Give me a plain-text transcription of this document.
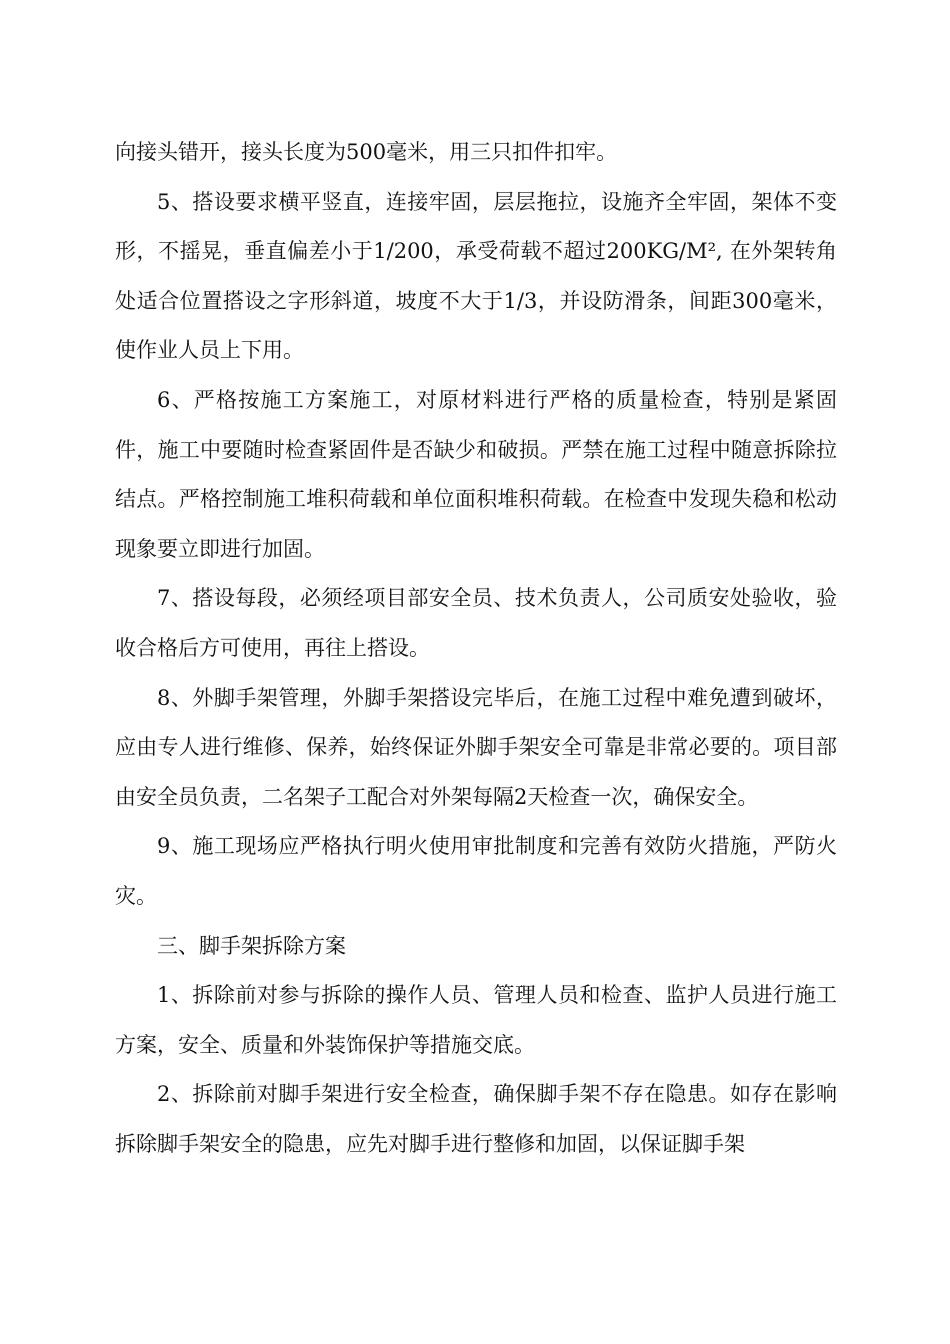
向接头错开，接头长度为500毫米，用三只扣件扣牢。

5、搭设要求横平竖直，连接牢固，层层拖拉，设施齐全牢固，架体不变形，不摇晃，垂直偏差小于1/200，承受荷载不超过200KG/M², 在外架转角处适合位置搭设之字形斜道，坡度不大于1/3，并设防滑条，间距300毫米，使作业人员上下用。

6、严格按施工方案施工，对原材料进行严格的质量检查，特别是紧固件，施工中要随时检查紧固件是否缺少和破损。严禁在施工过程中随意拆除拉结点。严格控制施工堆积荷载和单位面积堆积荷载。在检查中发现失稳和松动现象要立即进行加固。

7、搭设每段，必须经项目部安全员、技术负责人，公司质安处验收，验收合格后方可使用，再往上搭设。

8、外脚手架管理，外脚手架搭设完毕后，在施工过程中难免遭到破坏，应由专人进行维修、保养，始终保证外脚手架安全可靠是非常必要的。项目部由安全员负责，二名架子工配合对外架每隔2天检查一次，确保安全。

9、施工现场应严格执行明火使用审批制度和完善有效防火措施，严防火灾。

三、脚手架拆除方案

1、拆除前对参与拆除的操作人员、管理人员和检查、监护人员进行施工方案，安全、质量和外装饰保护等措施交底。

2、拆除前对脚手架进行安全检查，确保脚手架不存在隐患。如存在影响拆除脚手架安全的隐患，应先对脚手进行整修和加固，以保证脚手架
